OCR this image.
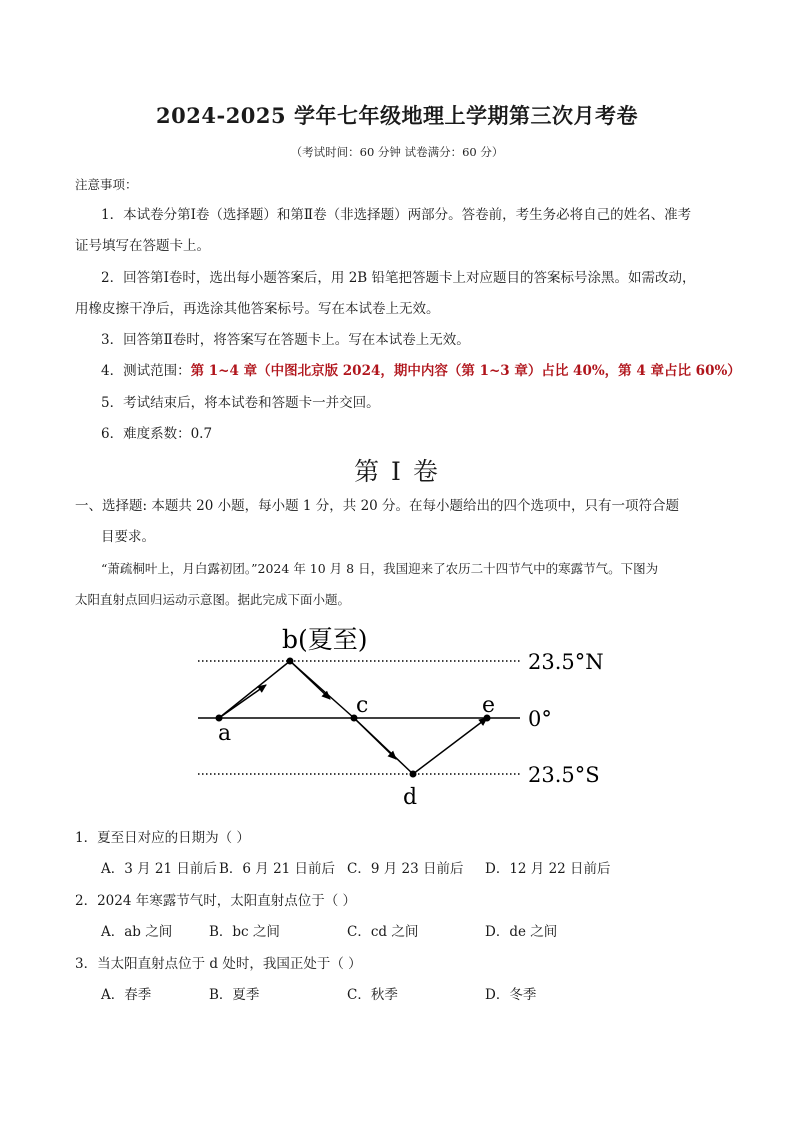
2024-2025 学年七年级地理上学期第三次月考卷
（考试时间：60 分钟 试卷满分：60 分）
注意事项：
1．本试卷分第Ⅰ卷（选择题）和第Ⅱ卷（非选择题）两部分。答卷前，考生务必将自己的姓名、准考
证号填写在答题卡上。
2．回答第Ⅰ卷时，选出每小题答案后，用 2B 铅笔把答题卡上对应题目的答案标号涂黑。如需改动，
用橡皮擦干净后，再选涂其他答案标号。写在本试卷上无效。
3．回答第Ⅱ卷时，将答案写在答题卡上。写在本试卷上无效。
4．测试范围：第 1~4 章（中图北京版 2024，期中内容（第 1~3 章）占比 40%，第 4 章占比 60%）
5．考试结束后，将本试卷和答题卡一并交回。
6．难度系数：0.7
第 I 卷
一、选择题: 本题共 20 小题，每小题 1 分，共 20 分。在每小题给出的四个选项中，只有一项符合题
目要求。
“萧疏桐叶上，月白露初团。”2024 年 10 月 8 日，我国迎来了农历二十四节气中的寒露节气。下图为
太阳直射点回归运动示意图。据此完成下面小题。
b(夏至)
a
c
d
e
23.5°N
0°
23.5°S
1．夏至日对应的日期为（ ）
A．3 月 21 日前后 B．6 月 21 日前后 C．9 月 23 日前后 D．12 月 22 日前后
2．2024 年寒露节气时，太阳直射点位于（ ）
A．ab 之间	B．bc 之间	C．cd 之间	D．de 之间
3．当太阳直射点位于 d 处时，我国正处于（ ）
A．春季	B．夏季	C．秋季	D．冬季
